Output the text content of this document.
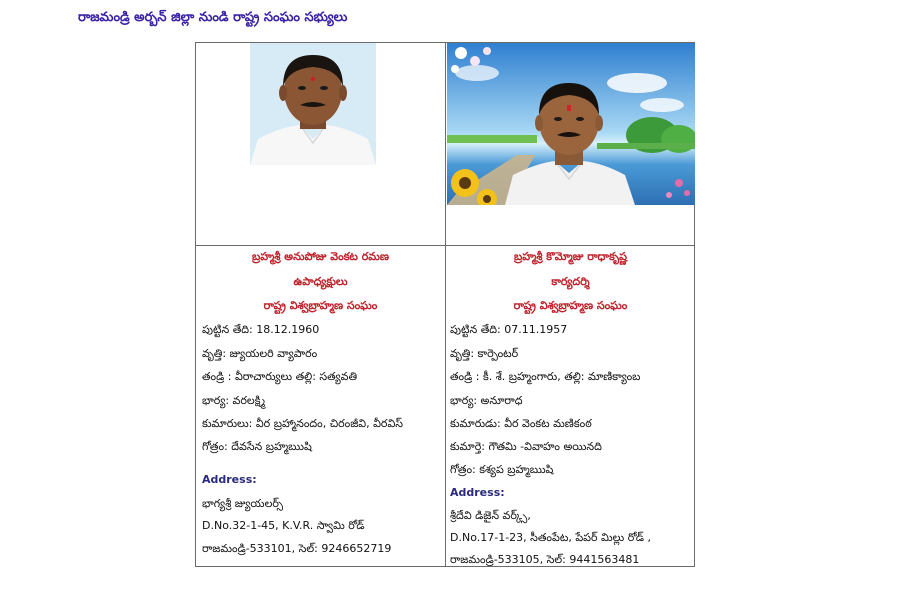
రాజమండ్రి అర్బన్ జిల్లా నుండి రాష్ట్ర సంఘం సభ్యులు
బ్రహ్మశ్రీ అనుపోజు వెంకట రమణ
ఉపాధ్యక్షులు
రాష్ట్ర విశ్వబ్రాహ్మణ సంఘం
పుట్టిన తేది: 18.12.1960
వృత్తి: జ్యుయలరి వ్యాపారం
తండ్రి : వీరాచార్యులు తల్లి: సత్యవతి
భార్య: వరలక్ష్మి
కుమారులు: వీర బ్రహ్మానందం, చిరంజీవి, వీరవిస్
గోత్రం: దేవసేన బ్రహ్మఋషి
Address:
భాగ్యశ్రీ జ్యుయలర్స్
D.No.32-1-45, K.V.R. స్వామి రోడ్
రాజమండ్రి-533101, సెల్: 9246652719
బ్రహ్మశ్రీ కొమ్మోజు రాధాకృష్ణ
కార్యదర్శి
రాష్ట్ర విశ్వబ్రాహ్మణ సంఘం
పుట్టిన తేది: 07.11.1957
వృత్తి: కార్పెంటర్
తండ్రి : కీ. శే. బ్రహ్మంగారు, తల్లి: మాణిక్యాంబ
భార్య: అనూరాధ
కుమారుడు: వీర వెంకట మణికంఠ
కుమార్తె: గౌతమి -వివాహం అయినది
గోత్రం: కశ్యప బ్రహ్మఋషి
Address:
శ్రీదేవి డిజైన్ వర్క్స్,
D.No.17-1-23, సీతంపేట, పేపర్ మిల్లు రోడ్ ,
రాజమండ్రి-533105, సెల్: 9441563481
